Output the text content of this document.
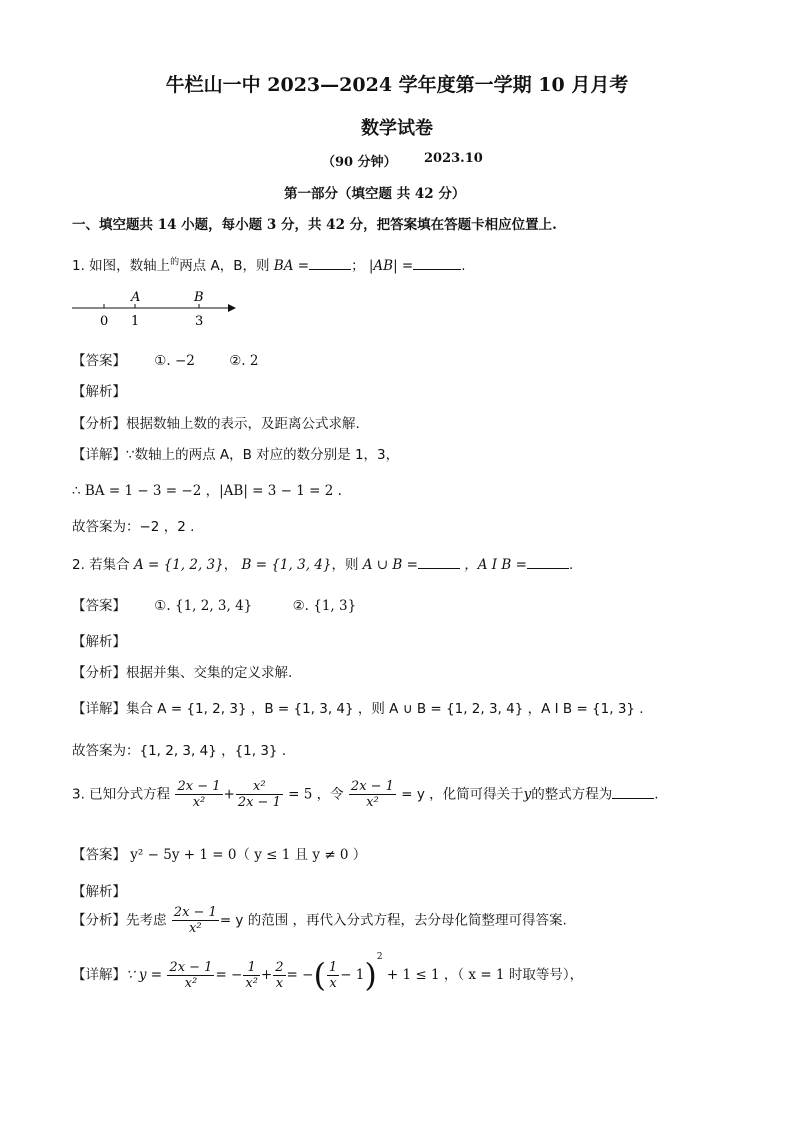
牛栏山一中 2023—2024 学年度第一学期 10 月月考
数学试卷
（90 分钟） 2023.10
第一部分（填空题 共 42 分）
一、填空题共 14 小题，每小题 3 分，共 42 分，把答案填在答题卡相应位置上.
1. 如图，数轴上$^的$两点 A，B，则 BA =	； |AB| =	.
A	B
0 1	3
【答案】 ①. −2	②. 2
【解析】
【分析】根据数轴上数的表示，及距离公式求解.
【详解】∵数轴上的两点 A，B 对应的数分别是 1，3，
∴ BA = 1 − 3 = −2 ，|AB| = 3 − 1 = 2 .
故答案为：−2 ，2 .
2. 若集合 A = {1, 2, 3}， B = {1, 3, 4}，则 A ∪ B =	，A I B =	.
【答案】 ①. {1, 2, 3, 4}	②. {1, 3}
【解析】
【分析】根据并集、交集的定义求解.
【详解】集合 A = {1, 2, 3} ，B = {1, 3, 4} ，则 A ∪ B = {1, 2, 3, 4} ，A I B = {1, 3} .
故答案为：{1, 2, 3, 4} ，{1, 3} .
3. 已知分式方程 $\frac{2x - 1}{\text{x²}} + \frac{\text{x²}}{2x - 1} = 5$ ，令 $\frac{2x - 1}{\text{x²}} = y$ ，化简可得关于y的整式方程为	.
【答案】 y² − 5y + 1 = 0（ y ≤ 1 且 y ≠ 0 ）
【解析】
【分析】先考虑 $\frac{2x - 1}{\text{x²}} = y$ 的范围 ，再代入分式方程，去分母化简整理可得答案.
【详解】∵ $y = \frac{2x - 1}{\text{x²}}$ = − $\frac{1}{\text{x²}} + \frac{2}{x}$ = −( $\frac{1}{x} - 1)^2 + 1 \le 1$ ，（ x = 1 时取等号），
